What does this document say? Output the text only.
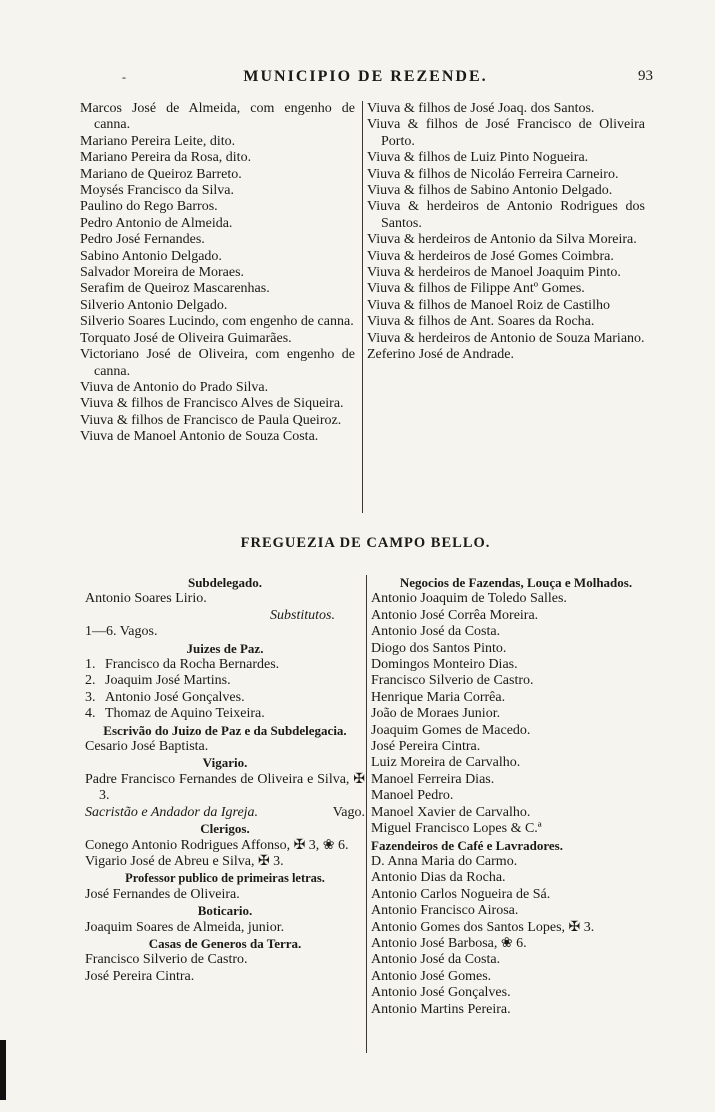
-	MUNICIPIO DE REZENDE.	93

Marcos José de Almeida, com engenho de canna.

Mariano Pereira Leite, dito.

Mariano Pereira da Rosa, dito.

Mariano de Queiroz Barreto.

Moysés Francisco da Silva.

Paulino do Rego Barros.

Pedro Antonio de Almeida.

Pedro José Fernandes.

Sabino Antonio Delgado.

Salvador Moreira de Moraes.

Serafim de Queiroz Mascarenhas.

Silverio Antonio Delgado.

Silverio Soares Lucindo, com engenho de canna.

Torquato José de Oliveira Guimarães.

Victoriano José de Oliveira, com engenho de canna.

Viuva de Antonio do Prado Silva.

Viuva & filhos de Francisco Alves de Siqueira.

Viuva & filhos de Francisco de Paula Queiroz.

Viuva de Manoel Antonio de Souza Costa.

Viuva & filhos de José Joaq. dos Santos.

Viuva & filhos de José Francisco de Oliveira Porto.

Viuva & filhos de Luiz Pinto Nogueira.

Viuva & filhos de Nicoláo Ferreira Carneiro.

Viuva & filhos de Sabino Antonio Delgado.

Viuva & herdeiros de Antonio Rodrigues dos Santos.

Viuva & herdeiros de Antonio da Silva Moreira.

Viuva & herdeiros de José Gomes Coimbra.

Viuva & herdeiros de Manoel Joaquim Pinto.

Viuva & filhos de Filippe Antº Gomes.

Viuva & filhos de Manoel Roiz de Castilho

Viuva & filhos de Ant. Soares da Rocha.

Viuva & herdeiros de Antonio de Souza Mariano.

Zeferino José de Andrade.

FREGUEZIA DE CAMPO BELLO.

Subdelegado.

Antonio Soares Lirio.

Substitutos.

1—6. Vagos.

Juizes de Paz.

1. Francisco da Rocha Bernardes.

2. Joaquim José Martins.

3. Antonio José Gonçalves.

4. Thomaz de Aquino Teixeira.

Escrivão do Juizo de Paz e da Subdelegacia.

Cesario José Baptista.

Vigario.

Padre Francisco Fernandes de Oliveira e Silva, ✠ 3.

Sacristão e Andador da Igreja.	Vago.

Clerigos.

Conego Antonio Rodrigues Affonso, ✠ 3, ❀ 6.

Vigario José de Abreu e Silva, ✠ 3.

Professor publico de primeiras letras.

José Fernandes de Oliveira.

Boticario.

Joaquim Soares de Almeida, junior.

Casas de Generos da Terra.

Francisco Silverio de Castro.

José Pereira Cintra.

Negocios de Fazendas, Louça e Molhados.

Antonio Joaquim de Toledo Salles.

Antonio José Corrêa Moreira.

Antonio José da Costa.

Diogo dos Santos Pinto.

Domingos Monteiro Dias.

Francisco Silverio de Castro.

Henrique Maria Corrêa.

João de Moraes Junior.

Joaquim Gomes de Macedo.

José Pereira Cintra.

Luiz Moreira de Carvalho.

Manoel Ferreira Dias.

Manoel Pedro.

Manoel Xavier de Carvalho.

Miguel Francisco Lopes & C.ª

Fazendeiros de Café e Lavradores.

D. Anna Maria do Carmo.

Antonio Dias da Rocha.

Antonio Carlos Nogueira de Sá.

Antonio Francisco Airosa.

Antonio Gomes dos Santos Lopes, ✠ 3.

Antonio José Barbosa, ❀ 6.

Antonio José da Costa.

Antonio José Gomes.

Antonio José Gonçalves.

Antonio Martins Pereira.
